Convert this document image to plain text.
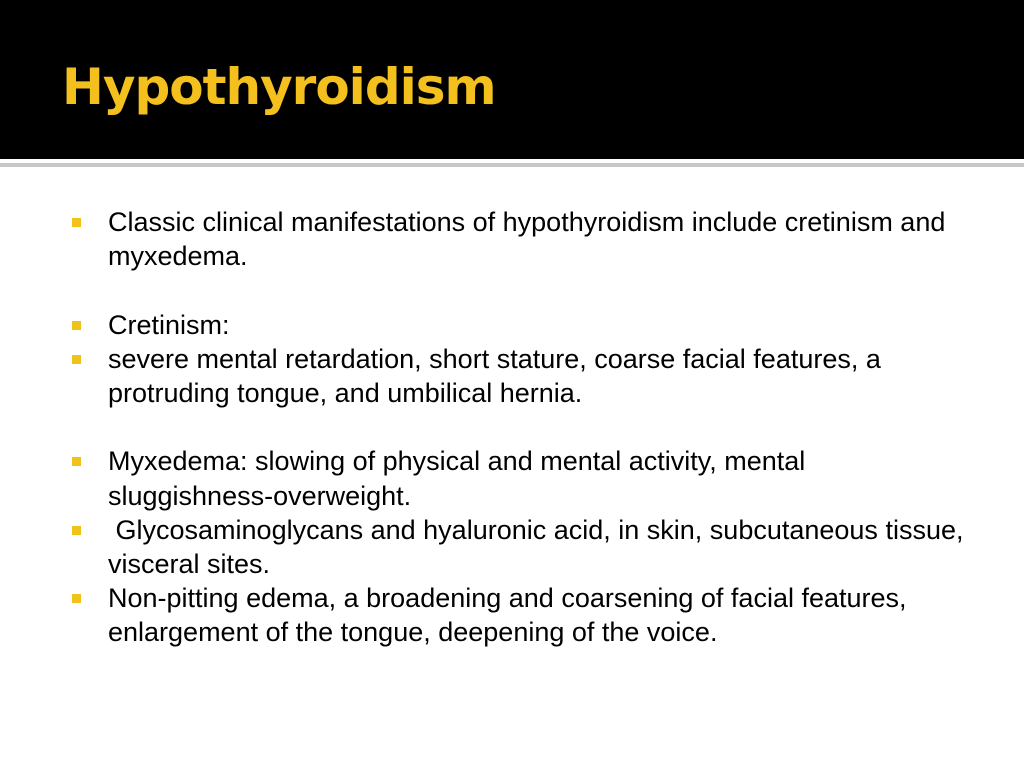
Hypothyroidism
Classic clinical manifestations of hypothyroidism include cretinism and myxedema.
Cretinism:
severe mental retardation, short stature, coarse facial features, a protruding tongue, and umbilical hernia.
Myxedema: slowing of physical and mental activity, mental sluggishness-overweight.
Glycosaminoglycans and hyaluronic acid, in skin, subcutaneous tissue,  visceral sites.
Non-pitting edema, a broadening and coarsening of facial features, enlargement of the tongue, deepening of the voice.
